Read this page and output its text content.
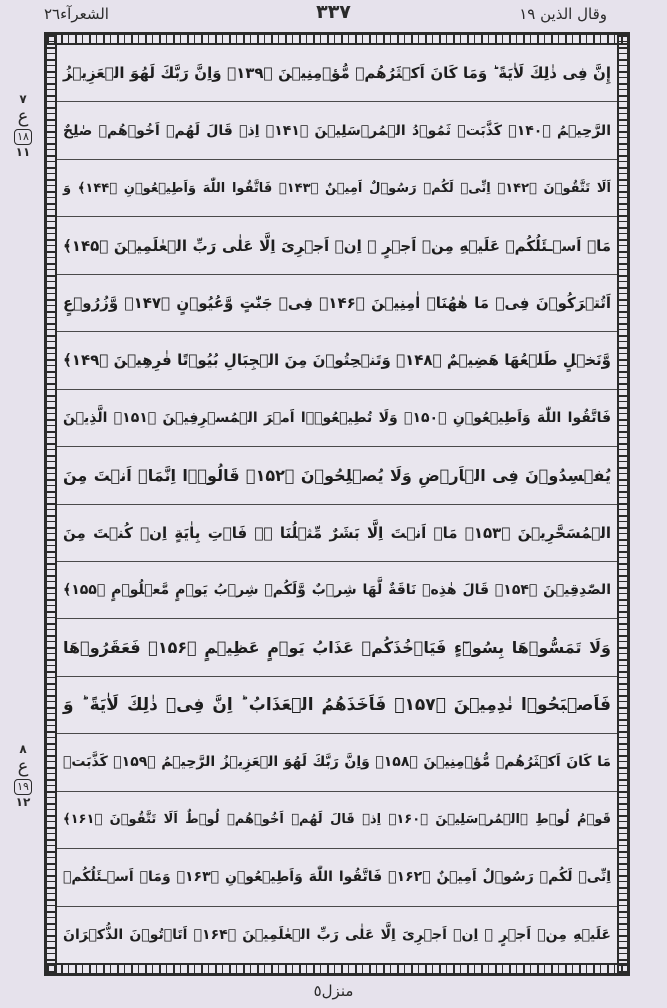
وقال الذين ١٩
٣٣٧
الشعرآء٢٦
٧
ع
١٨
١١
٨
ع
١٩
١٢
إِنَّ فِى ذٰلِكَ لَاٰيَةً ؕ وَمَا كَانَ اَكۡثَرُهُمۡ مُّؤۡمِنِيۡنَ ﴿۱۳۹﴾ وَاِنَّ رَبَّكَ لَهُوَ الۡعَزِيۡزُ
الرَّحِيۡمُ ﴿۱۴۰﴾ كَذَّبَتۡ ثَمُوۡدُ الۡمُرۡسَلِيۡنَ ﴿۱۴۱﴾ اِذۡ قَالَ لَهُمۡ اَخُوۡهُمۡ صٰلِحٌ
اَلَا تَتَّقُوۡنَ ﴿۱۴۲﴾ اِنِّىۡ لَكُمۡ رَسُوۡلٌ اَمِيۡنٌ ﴿۱۴۳﴾ فَاتَّقُوا اللّٰهَ وَاَطِيۡعُوۡنِ ﴿۱۴۴﴾ وَ
مَاۤ اَسۡـئَلُكُمۡ عَلَيۡهِ مِنۡ اَجۡرٍ ۚ اِنۡ اَجۡرِىَ اِلَّا عَلٰى رَبِّ الۡعٰلَمِيۡنَ ﴿۱۴۵﴾
اَتُتۡرَكُوۡنَ فِىۡ مَا هٰهُنَاۤ اٰمِنِيۡنَ ﴿۱۴۶﴾ فِىۡ جَنّٰتٍ وَّعُيُوۡنٍ ﴿۱۴۷﴾ وَّزُرُوۡعٍ
وَّنَخۡلٍ طَلۡعُهَا هَضِيۡمٌ ﴿۱۴۸﴾ وَتَنۡحِتُوۡنَ مِنَ الۡجِبَالِ بُيُوۡتًا فٰرِهِيۡنَ ﴿۱۴۹﴾
فَاتَّقُوا اللّٰهَ وَاَطِيۡعُوۡنِ ﴿۱۵۰﴾ وَلَا تُطِيۡعُوۡۤا اَمۡرَ الۡمُسۡرِفِيۡنَ ﴿۱۵۱﴾ الَّذِيۡنَ
يُفۡسِدُوۡنَ فِى الۡاَرۡضِ وَلَا يُصۡلِحُوۡنَ ﴿۱۵۲﴾ قَالُوۡۤا اِنَّمَاۤ اَنۡتَ مِنَ
الۡمُسَحَّرِيۡنَ ﴿۱۵۳﴾ مَاۤ اَنۡتَ اِلَّا بَشَرٌ مِّثۡلُنَا ۖۚ فَاۡتِ بِاٰيَةٍ اِنۡ كُنۡتَ مِنَ
الصّٰدِقِيۡنَ ﴿۱۵۴﴾ قَالَ هٰذِهٖ نَاقَةٌ لَّهَا شِرۡبٌ وَّلَكُمۡ شِرۡبُ يَوۡمٍ مَّعۡلُوۡمٍ ﴿۱۵۵﴾
وَلَا تَمَسُّوۡهَا بِسُوۡٓءٍ فَيَاۡخُذَكُمۡ عَذَابُ يَوۡمٍ عَظِيۡمٍ ﴿۱۵۶﴾ فَعَقَرُوۡهَا
فَاَصۡبَحُوۡا نٰدِمِيۡنَ ﴿۱۵۷﴾ فَاَخَذَهُمُ الۡعَذَابُ ؕ اِنَّ فِىۡ ذٰلِكَ لَاٰيَةً ؕ وَ
مَا كَانَ اَكۡثَرُهُمۡ مُّؤۡمِنِيۡنَ ﴿۱۵۸﴾ وَاِنَّ رَبَّكَ لَهُوَ الۡعَزِيۡزُ الرَّحِيۡمُ ﴿۱۵۹﴾ كَذَّبَتۡ
قَوۡمُ لُوۡطِ ۨالۡمُرۡسَلِيۡنَ ﴿۱۶۰﴾ اِذۡ قَالَ لَهُمۡ اَخُوۡهُمۡ لُوۡطٌ اَلَا تَتَّقُوۡنَ ﴿۱۶۱﴾
اِنِّىۡ لَكُمۡ رَسُوۡلٌ اَمِيۡنٌ ﴿۱۶۲﴾ فَاتَّقُوا اللّٰهَ وَاَطِيۡعُوۡنِ ﴿۱۶۳﴾ وَمَاۤ اَسۡـئَلُكُمۡ
عَلَيۡهِ مِنۡ اَجۡرٍ ۚ اِنۡ اَجۡرِىَ اِلَّا عَلٰى رَبِّ الۡعٰلَمِيۡنَ ﴿۱۶۴﴾ اَتَاۡتُوۡنَ الذُّكۡرَانَ
منزل٥
